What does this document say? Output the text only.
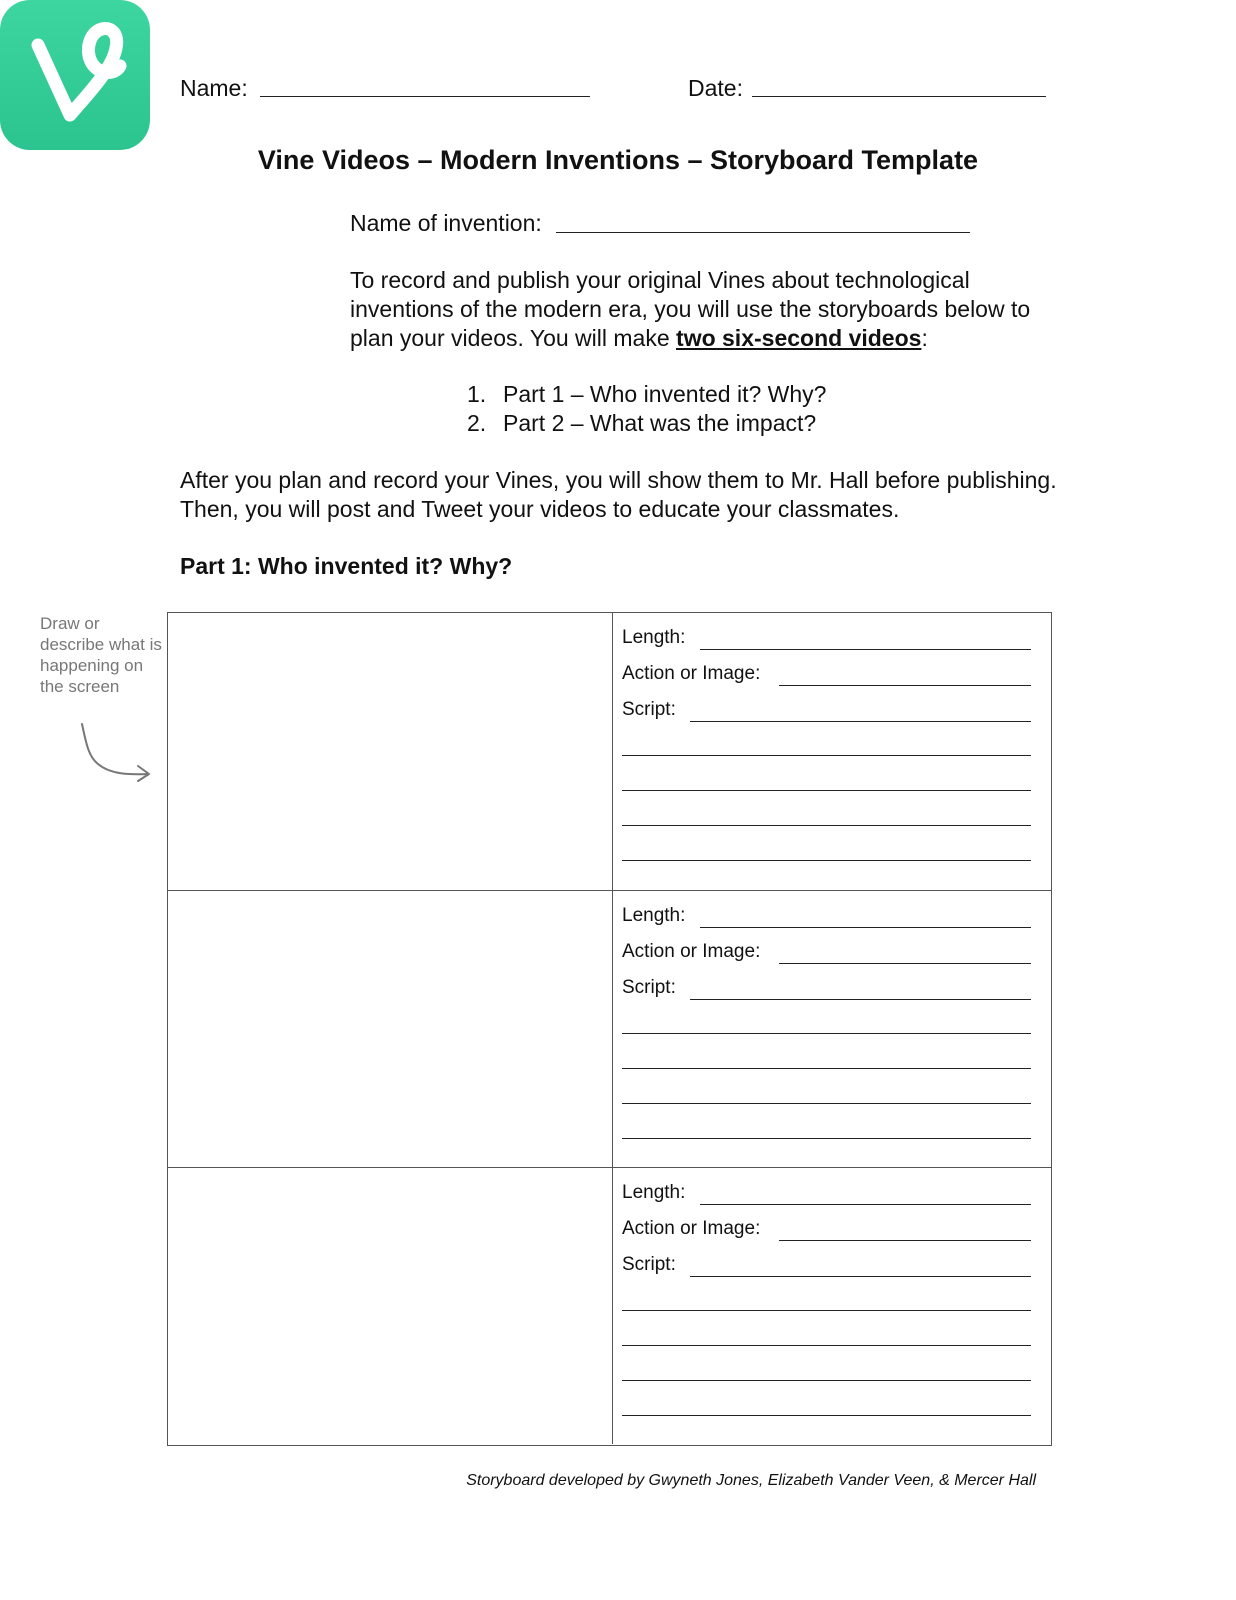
Name:	Date:
Vine Videos – Modern Inventions – Storyboard Template
Name of invention:
To record and publish your original Vines about technological inventions of the modern era, you will use the storyboards below to plan your videos. You will make two six-second videos:
1. Part 1 – Who invented it? Why?
2. Part 2 – What was the impact?
After you plan and record your Vines, you will show them to Mr. Hall before publishing. Then, you will post and Tweet your videos to educate your classmates.
Part 1: Who invented it? Why?
Draw or describe what is happening on the screen
Length:
Action or Image:
Script:
Length:
Action or Image:
Script:
Length:
Action or Image:
Script:
Storyboard developed by Gwyneth Jones, Elizabeth Vander Veen, & Mercer Hall
